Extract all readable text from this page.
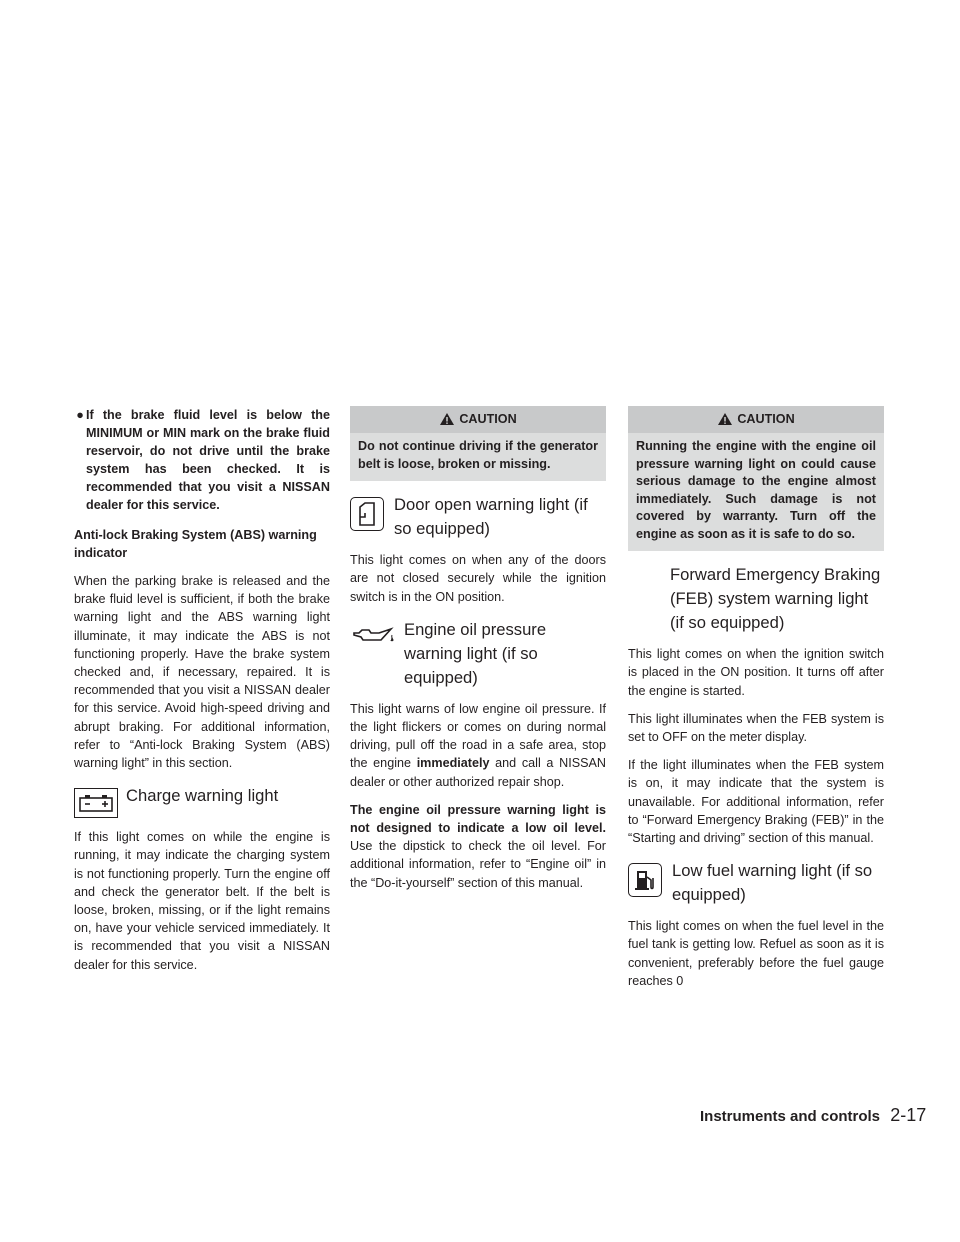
● If the brake fluid level is below the MINIMUM or MIN mark on the brake fluid reservoir, do not drive until the brake system has been checked. It is recommended that you visit a NISSAN dealer for this service.
Anti-lock Braking System (ABS) warning indicator

When the parking brake is released and the brake fluid level is sufficient, if both the brake warning light and the ABS warning light illuminate, it may indicate the ABS is not functioning properly. Have the brake system checked and, if necessary, repaired. It is recommended that you visit a NISSAN dealer for this service. Avoid high-speed driving and abrupt braking. For additional information, refer to “Anti-lock Braking System (ABS) warning light” in this section.

Charge warning light

If this light comes on while the engine is running, it may indicate the charging system is not functioning properly. Turn the engine off and check the generator belt. If the belt is loose, broken, missing, or if the light remains on, have your vehicle serviced immediately. It is recommended that you visit a NISSAN dealer for this service.

CAUTION
Do not continue driving if the generator belt is loose, broken or missing.
Door open warning light (if so equipped)

This light comes on when any of the doors are not closed securely while the ignition switch is in the ON position.

Engine oil pressure warning light (if so equipped)

This light warns of low engine oil pressure. If the light flickers or comes on during normal driving, pull off the road in a safe area, stop the engine immediately and call a NISSAN dealer or other authorized repair shop.

The engine oil pressure warning light is not designed to indicate a low oil level. Use the dipstick to check the oil level. For additional information, refer to “Engine oil” in the “Do-it-yourself” section of this manual.

CAUTION
Running the engine with the engine oil pressure warning light on could cause serious damage to the engine almost immediately. Such damage is not covered by warranty. Turn off the engine as soon as it is safe to do so.
Forward Emergency Braking (FEB) system warning light (if so equipped)

This light comes on when the ignition switch is placed in the ON position. It turns off after the engine is started.

This light illuminates when the FEB system is set to OFF on the meter display.

If the light illuminates when the FEB system is on, it may indicate that the system is unavailable. For additional information, refer to “Forward Emergency Braking (FEB)” in the “Starting and driving” section of this manual.

Low fuel warning light (if so equipped)

This light comes on when the fuel level in the fuel tank is getting low. Refuel as soon as it is convenient, preferably before the fuel gauge reaches 0

Instruments and controls 2-17
